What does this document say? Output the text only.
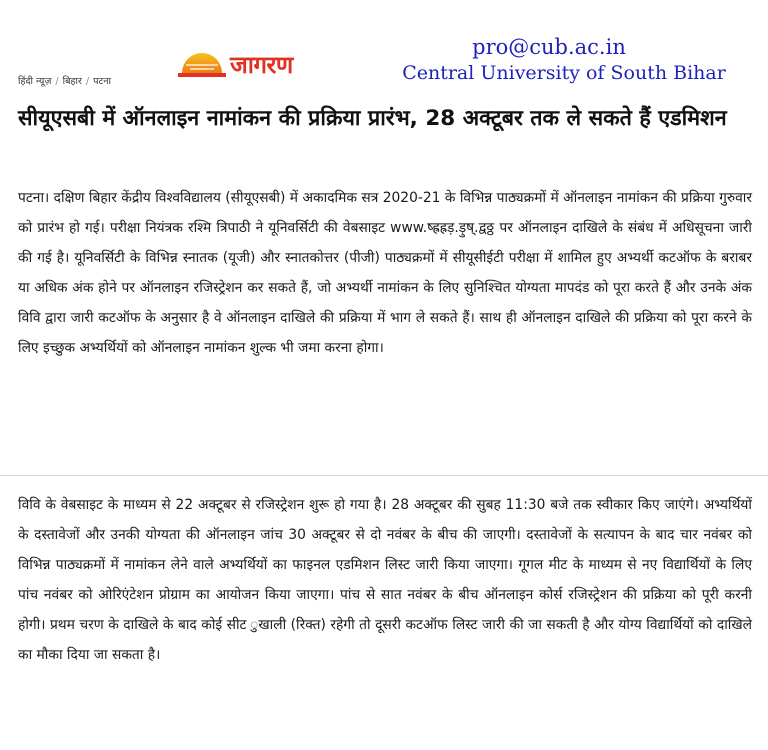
हिंदी न्यूज़ / बिहार / पटना
जागरण
pro@cub.ac.in
Central University of South Bihar
सीयूएसबी में ऑनलाइन नामांकन की प्रक्रिया प्रारंभ, 28 अक्टूबर तक ले सकते हैं एडमिशन

पटना। दक्षिण बिहार केंद्रीय विश्वविद्यालय (सीयूएसबी) में अकादमिक सत्र 2020-21 के विभिन्न पाठ्यक्रमों में ऑनलाइन नामांकन की प्रक्रिया गुरुवार को प्रारंभ हो गई। परीक्षा नियंत्रक रश्मि त्रिपाठी ने यूनिवर्सिटी की वेबसाइट www.ष्ह्रह्रड़.ड़ुष्.द्वठ्ठ पर ऑनलाइन दाखिले के संबंध में अधिसूचना जारी की गई है। यूनिवर्सिटी के विभिन्न स्नातक (यूजी) और स्नातकोत्तर (पीजी) पाठ्यक्रमों में सीयूसीईटी परीक्षा में शामिल हुए अभ्यर्थी कटऑफ के बराबर या अधिक अंक होने पर ऑनलाइन रजिस्ट्रेशन कर सकते हैं, जो अभ्यर्थी नामांकन के लिए सुनिश्चित योग्यता मापदंड को पूरा करते हैं और उनके अंक विवि द्वारा जारी कटऑफ के अनुसार है वे ऑनलाइन दाखिले की प्रक्रिया में भाग ले सकते हैं। साथ ही ऑनलाइन दाखिले की प्रक्रिया को पूरा करने के लिए इच्छुक अभ्यर्थियों को ऑनलाइन नामांकन शुल्क भी जमा करना होगा।

विवि के वेबसाइट के माध्यम से 22 अक्टूबर से रजिस्ट्रेशन शुरू हो गया है। 28 अक्टूबर की सुबह 11:30 बजे तक स्वीकार किए जाएंगे। अभ्यर्थियों के दस्तावेजों और उनकी योग्यता की ऑनलाइन जांच 30 अक्टूबर से दो नवंबर के बीच की जाएगी। दस्तावेजों के सत्यापन के बाद चार नवंबर को विभिन्न पाठ्यक्रमों में नामांकन लेने वाले अभ्यर्थियों का फाइनल एडमिशन लिस्ट जारी किया जाएगा। गूगल मीट के माध्यम से नए विद्यार्थियों के लिए पांच नवंबर को ओरिएंटेशन प्रोग्राम का आयोजन किया जाएगा। पांच से सात नवंबर के बीच ऑनलाइन कोर्स रजिस्ट्रेशन की प्रक्रिया को पूरी करनी होगी। प्रथम चरण के दाखिले के बाद कोई सीट ुखाली (रिक्त) रहेगी तो दूसरी कटऑफ लिस्ट जारी की जा सकती है और योग्य विद्यार्थियों को दाखिले का मौका दिया जा सकता है।
